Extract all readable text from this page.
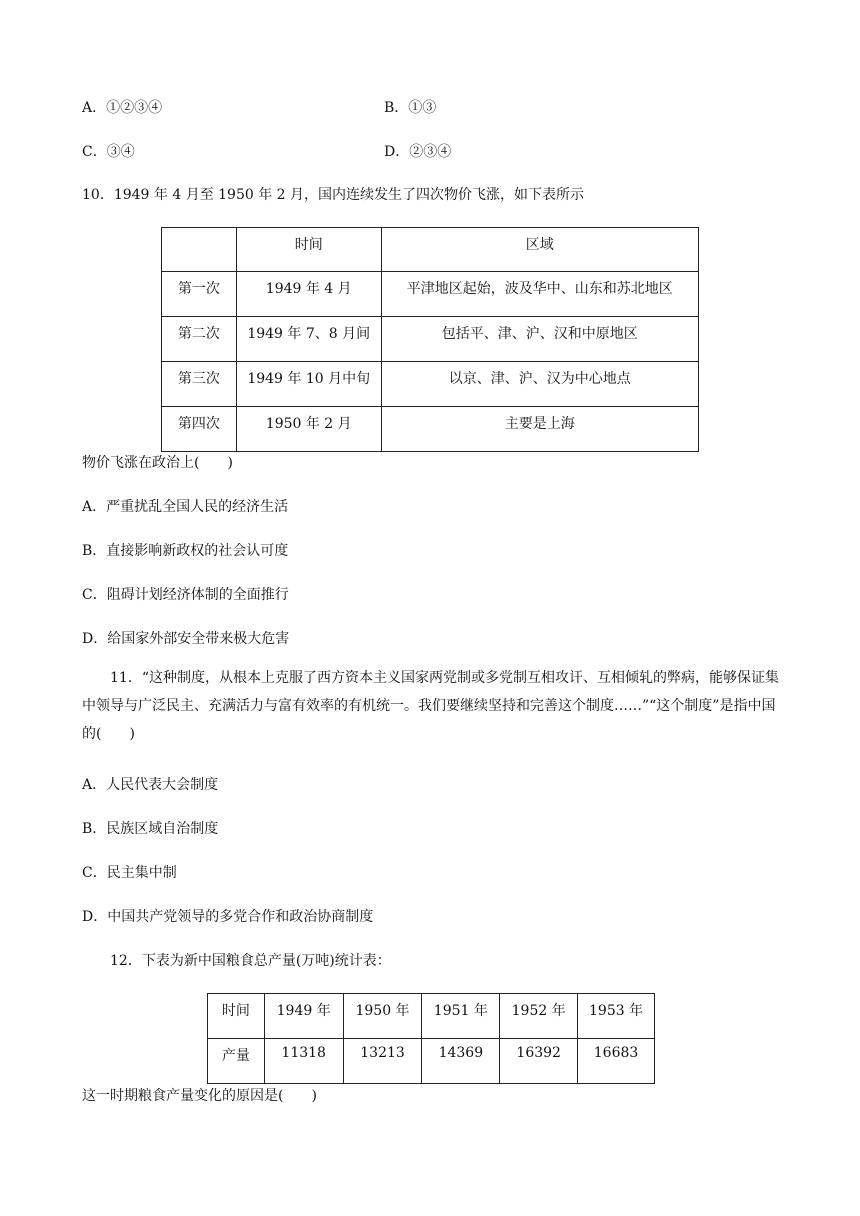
A．①②③④	B．①③
C．③④	D．②③④
10．1949 年 4 月至 1950 年 2 月，国内连续发生了四次物价飞涨，如下表所示
	时间	区域
第一次	1949 年 4 月	平津地区起始，波及华中、山东和苏北地区
第二次	1949 年 7、8 月间	包括平、津、沪、汉和中原地区
第三次	1949 年 10 月中旬	以京、津、沪、汉为中心地点
第四次	1950 年 2 月	主要是上海
物价飞涨在政治上(　　)
A．严重扰乱全国人民的经济生活
B．直接影响新政权的社会认可度
C．阻碍计划经济体制的全面推行
D．给国家外部安全带来极大危害
11．“这种制度，从根本上克服了西方资本主义国家两党制或多党制互相攻讦、互相倾轧的弊病，能够保证集中领导与广泛民主、充满活力与富有效率的有机统一。我们要继续坚持和完善这个制度……”“这个制度”是指中国的(　　)
A．人民代表大会制度
B．民族区域自治制度
C．民主集中制
D．中国共产党领导的多党合作和政治协商制度
12．下表为新中国粮食总产量(万吨)统计表：
时间	1949 年	1950 年	1951 年	1952 年	1953 年
产量	11318	13213	14369	16392	16683
这一时期粮食产量变化的原因是(　　)
